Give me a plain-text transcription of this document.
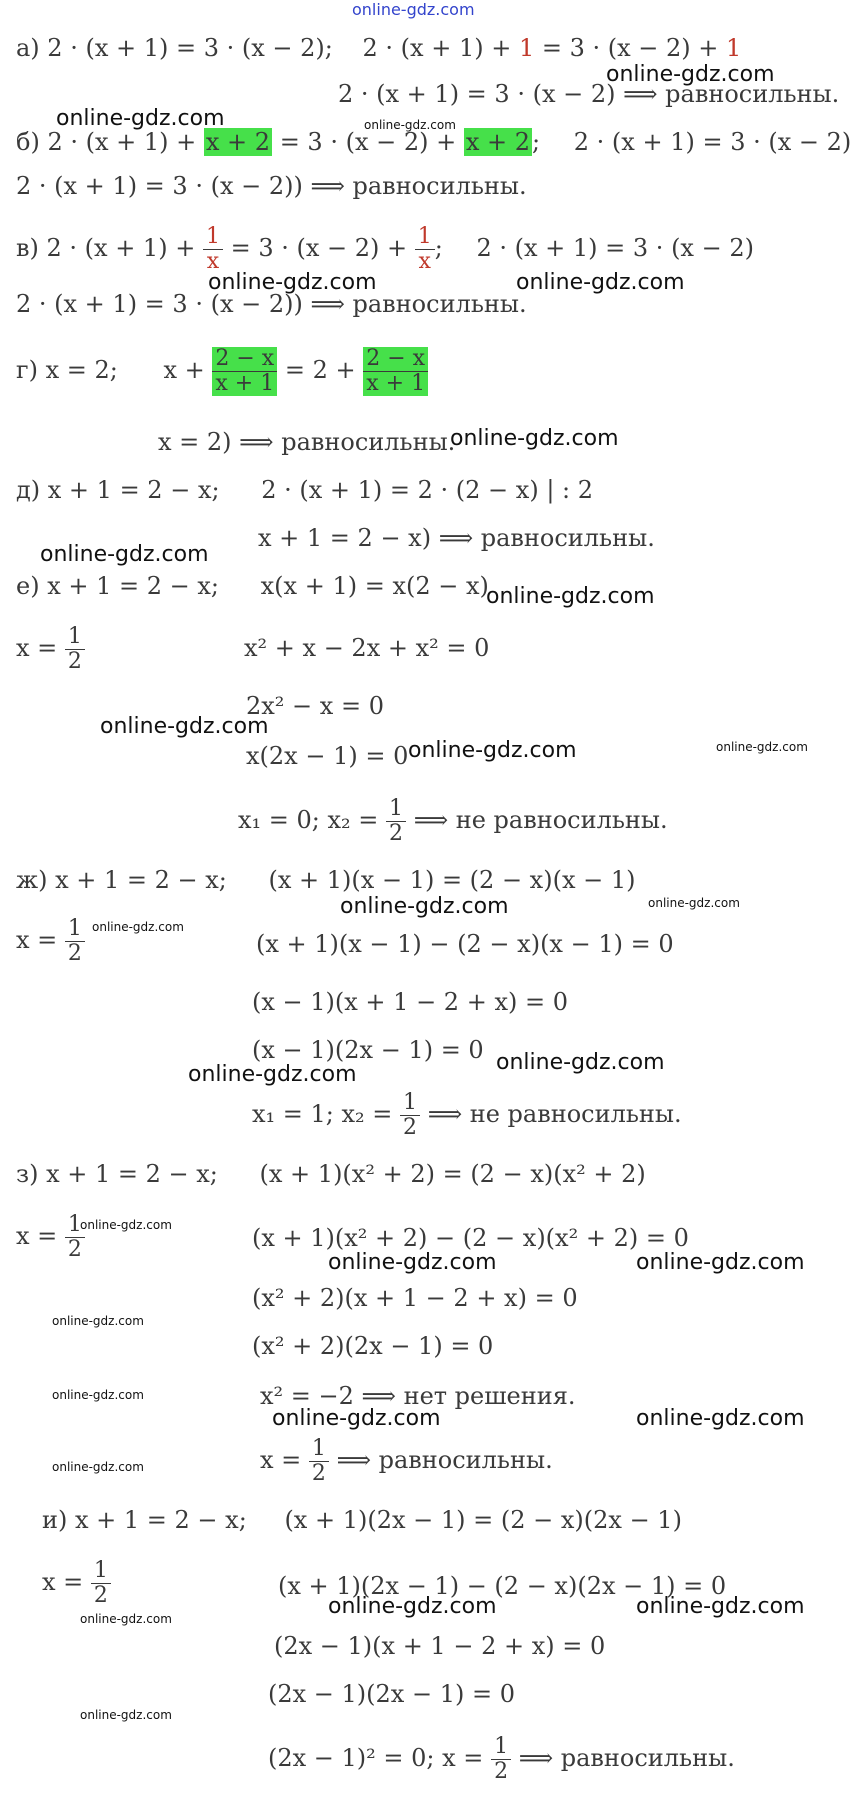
online-gdz.com
а) 2 · (x + 1) = 3 · (x − 2); 2 · (x + 1) + 1 = 3 · (x − 2) + 1
2 · (x + 1) = 3 · (x − 2) ⟹ равносильны.
б) 2 · (x + 1) + x + 2 = 3 · (x − 2) + x + 2; 2 · (x + 1) = 3 · (x − 2)
2 · (x + 1) = 3 · (x − 2)) ⟹ равносильны.
в) $2 \cdot (x + 1) + \frac{1}{x} = 3 \cdot (x - 2) + \frac{1}{x}$ ; 2 · (x + 1) = 3 · (x − 2)
2 · (x + 1) = 3 · (x − 2)) ⟹ равносильны.
г) x = 2; $x + \frac{2 - x}{x + 1} = 2 + \frac{2 - x}{x + 1}$
x = 2) ⟹ равносильны.
д) x + 1 = 2 − x; 2 · (x + 1) = 2 · (2 − x) | : 2
x + 1 = 2 − x) ⟹ равносильны.
е) x + 1 = 2 − x; x(x + 1) = x(2 − x)
$x = \frac{1}{2}$	x² + x − 2x + x² = 0
2x² − x = 0
x(2x − 1) = 0
x₁ = 0; $x_2 = \frac{1}{2}$ ⟹ не равносильны.
ж) x + 1 = 2 − x; (x + 1)(x − 1) = (2 − x)(x − 1)
$x = \frac{1}{2}$	(x + 1)(x − 1) − (2 − x)(x − 1) = 0
(x − 1)(x + 1 − 2 + x) = 0
(x − 1)(2x − 1) = 0
x₁ = 1; $x_2 = \frac{1}{2}$ ⟹ не равносильны.
з) x + 1 = 2 − x; (x + 1)(x² + 2) = (2 − x)(x² + 2)
$x = \frac{1}{2}$	(x + 1)(x² + 2) − (2 − x)(x² + 2) = 0
(x² + 2)(x + 1 − 2 + x) = 0
(x² + 2)(2x − 1) = 0
x² = −2 ⟹ нет решения.
$x = \frac{1}{2}$ ⟹ равносильны.
и) x + 1 = 2 − x; (x + 1)(2x − 1) = (2 − x)(2x − 1)
$x = \frac{1}{2}$	(x + 1)(2x − 1) − (2 − x)(2x − 1) = 0
(2x − 1)(x + 1 − 2 + x) = 0
(2x − 1)(2x − 1) = 0
(2x − 1)² = 0; $x = \frac{1}{2}$ ⟹ равносильны.
online-gdz.com
online-gdz.com	online-gdz.com
online-gdz.com	online-gdz.com
online-gdz.com
online-gdz.com
online-gdz.com
online-gdz.com
online-gdz.com	online-gdz.com
online-gdz.com	online-gdz.com
online-gdz.com
online-gdz.com
online-gdz.com
online-gdz.com
online-gdz.com	online-gdz.com
online-gdz.com
online-gdz.com
online-gdz.com	online-gdz.com
online-gdz.com
online-gdz.com	online-gdz.com	online-gdz.com
online-gdz.com
